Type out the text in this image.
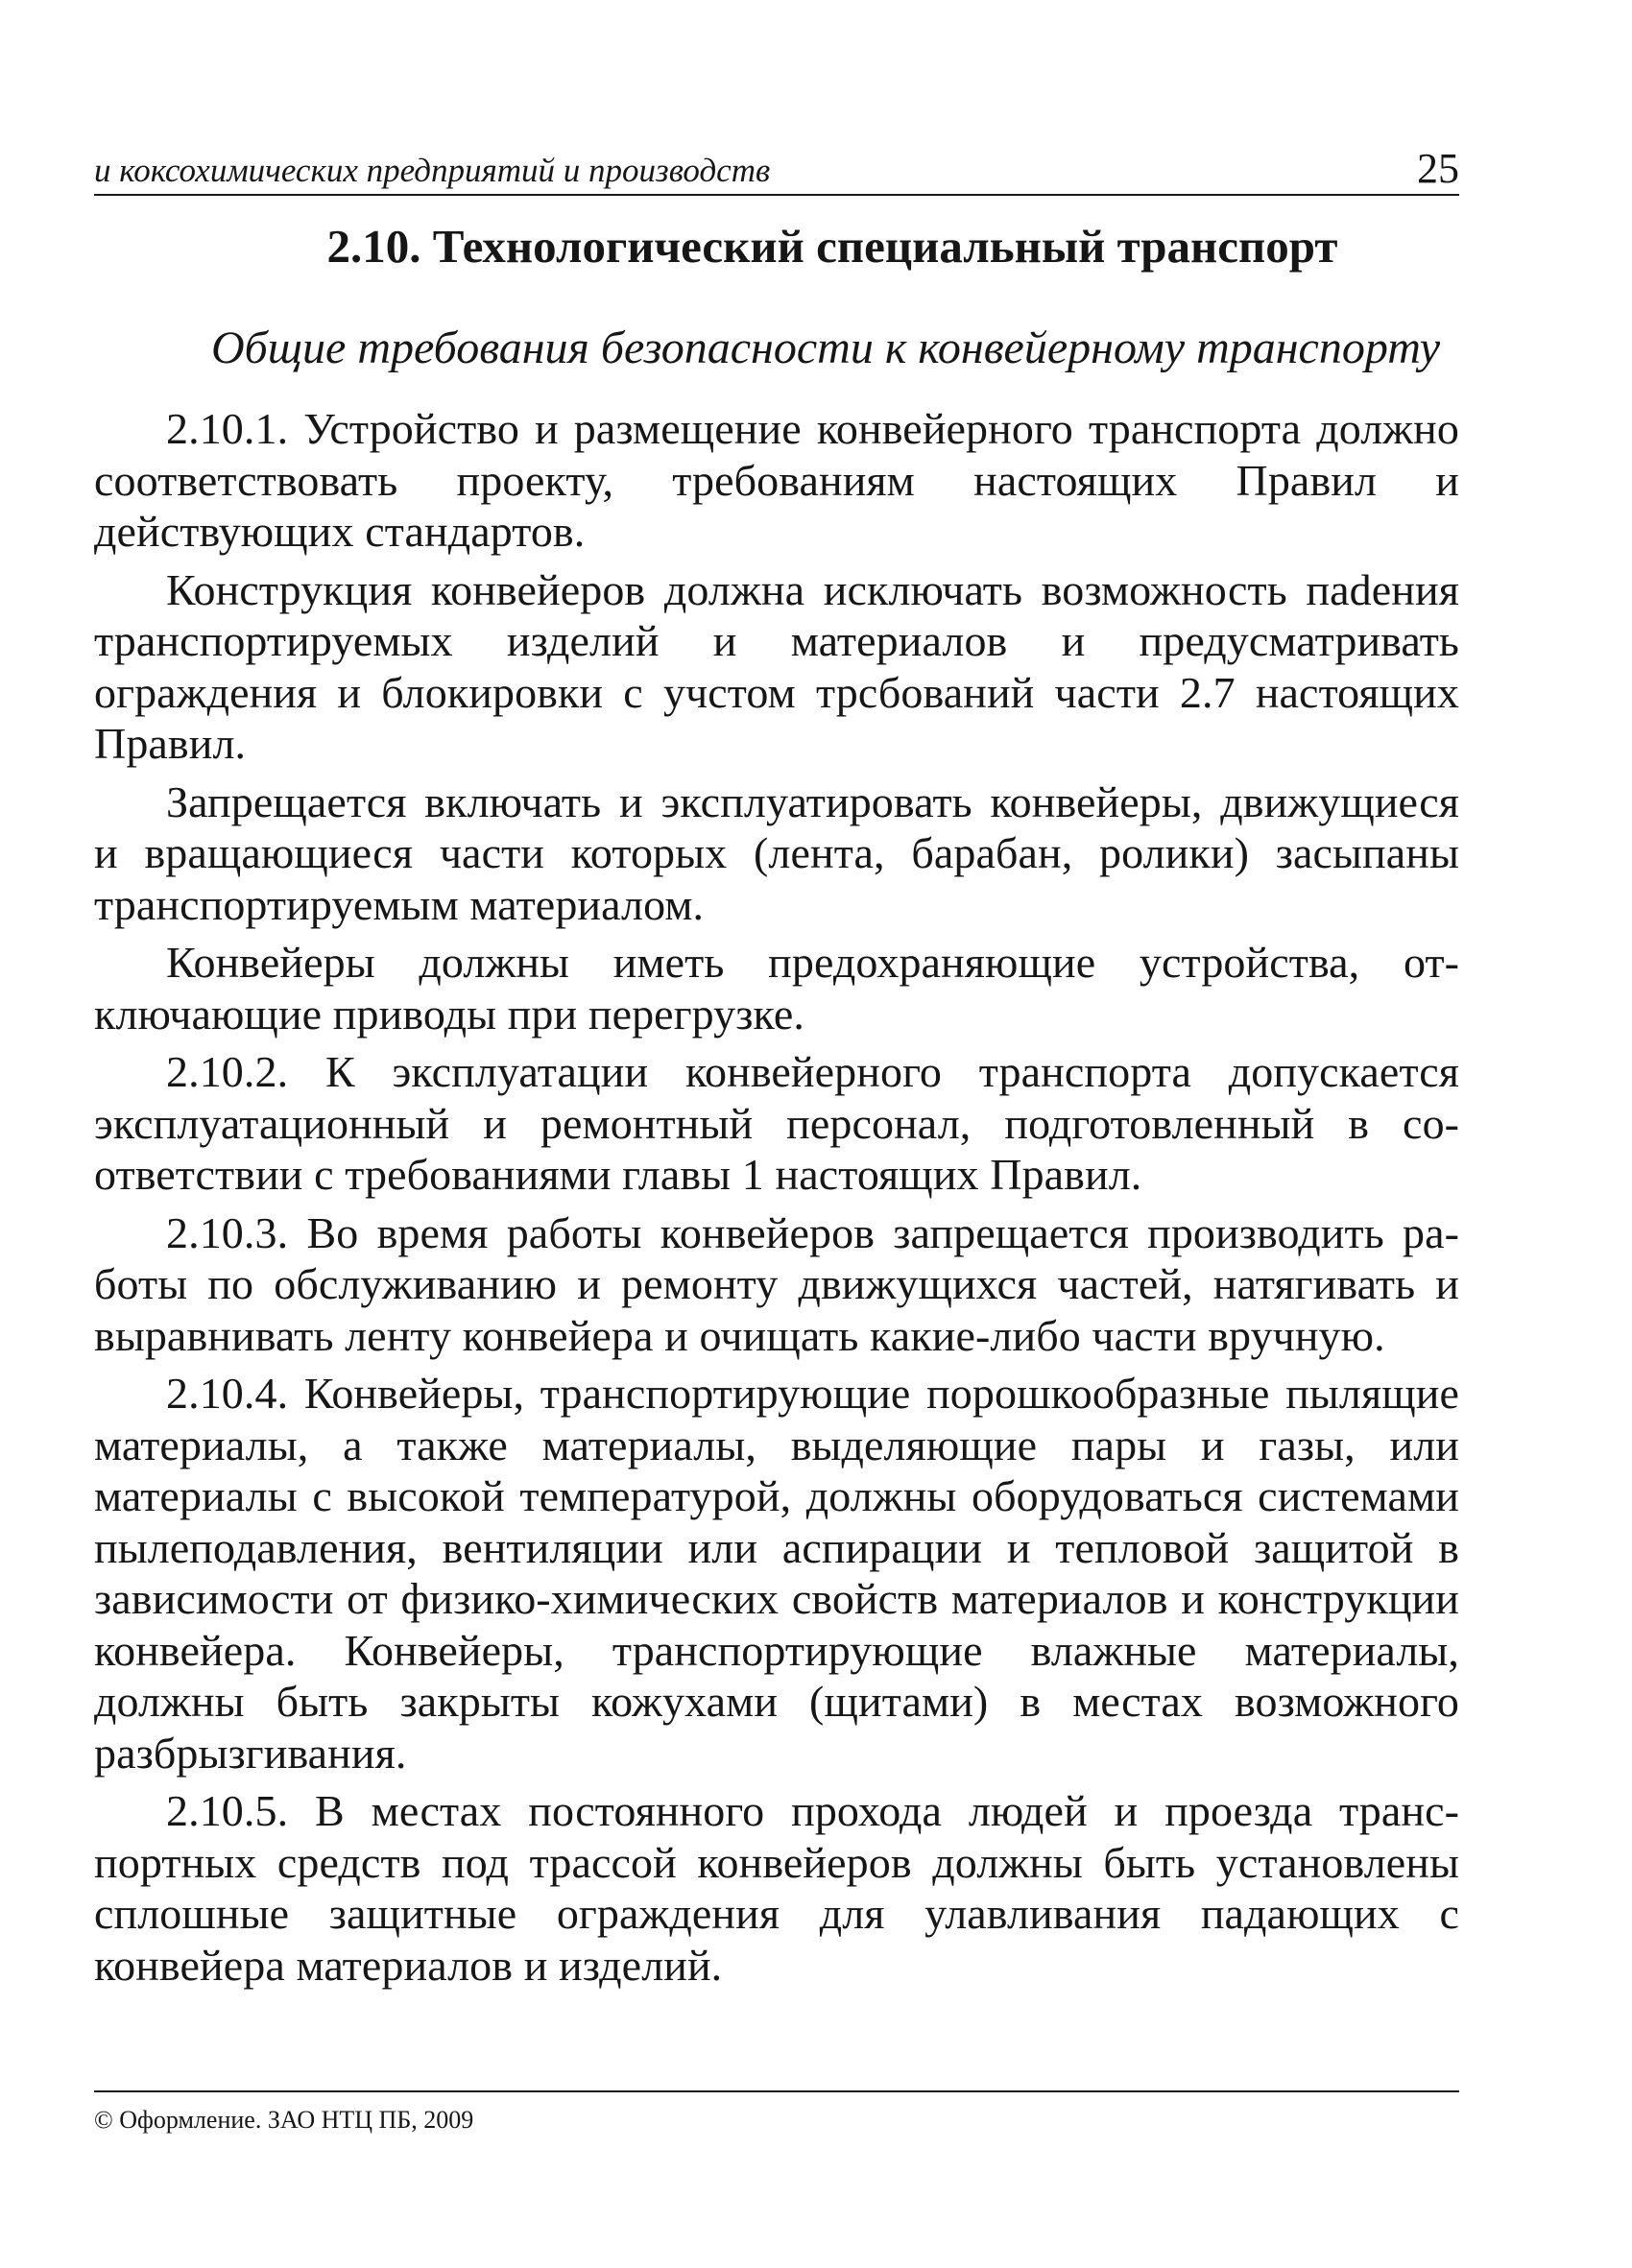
и коксохимических предприятий и производств	25
2.10. Технологический специальный транспорт
Общие требования безопасности к конвейерному транспорту

2.10.1. Устройство и размещение конвейерного транспорта должно соответствовать проекту, требованиям настоящих Правил и действующих стандартов.

Конструкция конвейеров должна исключать возможность паdения транспортируемых изделий и материалов и предусматривать ограждения и блокировки с учстом трсбований части 2.7 настоящих Правил.

Запрещается включать и эксплуатировать конвейеры, движущиеся и вращающиеся части которых (лента, барабан, ролики) засыпаны транспортируемым материалом.

Конвейеры должны иметь предохраняющие устройства, отключающие приводы при перегрузке.

2.10.2. К эксплуатации конвейерного транспорта допускается эксплуатационный и ремонтный персонал, подготовленный в соответствии с требованиями главы 1 настоящих Правил.

2.10.3. Во время работы конвейеров запрещается производить работы по обслуживанию и ремонту движущихся частей, натягивать и выравнивать ленту конвейера и очищать какие-либо части вручную.

2.10.4. Конвейеры, транспортирующие порошкообразные пылящие материалы, а также материалы, выделяющие пары и газы, или материалы с высокой температурой, должны оборудоваться системами пылеподавления, вентиляции или аспирации и тепловой защитой в зависимости от физико-химических свойств материалов и конструкции конвейера. Конвейеры, транспортирующие влажные материалы, должны быть закрыты кожухами (щитами) в местах возможного разбрызгивания.

2.10.5. В местах постоянного прохода людей и проезда транспортных средств под трассой конвейеров должны быть установлены сплошные защитные ограждения для улавливания падающих с конвейера материалов и изделий.

© Оформление. ЗАО НТЦ ПБ, 2009
